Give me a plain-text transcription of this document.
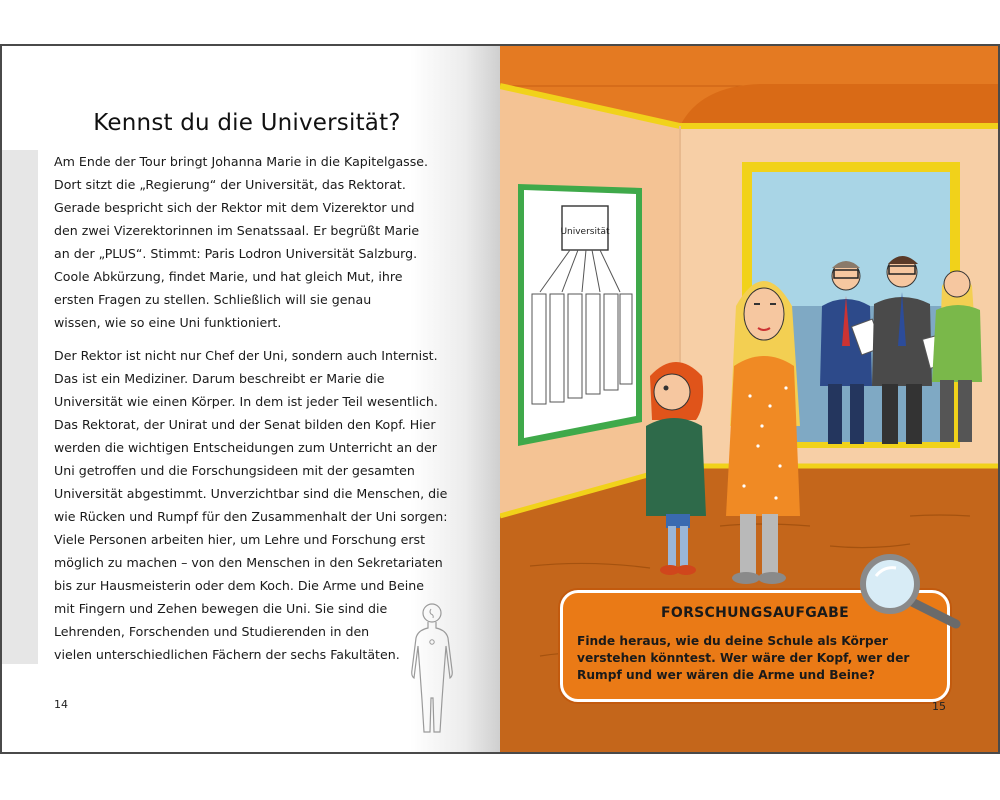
Kennst du die Universität?
Am Ende der Tour bringt Johanna Marie in die Kapitelgasse.
Dort sitzt die „Regierung“ der Universität, das Rektorat.
Gerade bespricht sich der Rektor mit dem Vizerektor und
den zwei Vizerektorinnen im Senatssaal. Er begrüßt Marie
an der „PLUS“. Stimmt: Paris Lodron Universität Salzburg.
Coole Abkürzung, findet Marie, und hat gleich Mut, ihre
ersten Fragen zu stellen. Schließlich will sie genau
wissen, wie so eine Uni funktioniert.
Der Rektor ist nicht nur Chef der Uni, sondern auch Internist.
Das ist ein Mediziner. Darum beschreibt er Marie die
Universität wie einen Körper. In dem ist jeder Teil wesentlich.
Das Rektorat, der Unirat und der Senat bilden den Kopf. Hier
werden die wichtigen Entscheidungen zum Unterricht an der
Uni getroffen und die Forschungsideen mit der gesamten
Universität abgestimmt. Unverzichtbar sind die Menschen, die
wie Rücken und Rumpf für den Zusammenhalt der Uni sorgen:
Viele Personen arbeiten hier, um Lehre und Forschung erst
möglich zu machen – von den Menschen in den Sekretariaten
bis zur Hausmeisterin oder dem Koch. Die Arme und Beine
mit Fingern und Zehen bewegen die Uni. Sie sind die
Lehrenden, Forschenden und Studierenden in den
vielen unterschiedlichen Fächern der sechs Fakultäten.
14
Universität
FORSCHUNGSAUFGABE
Finde heraus, wie du deine Schule als Körper verstehen könntest. Wer wäre der Kopf, wer der Rumpf und wer wären die Arme und Beine?
15
